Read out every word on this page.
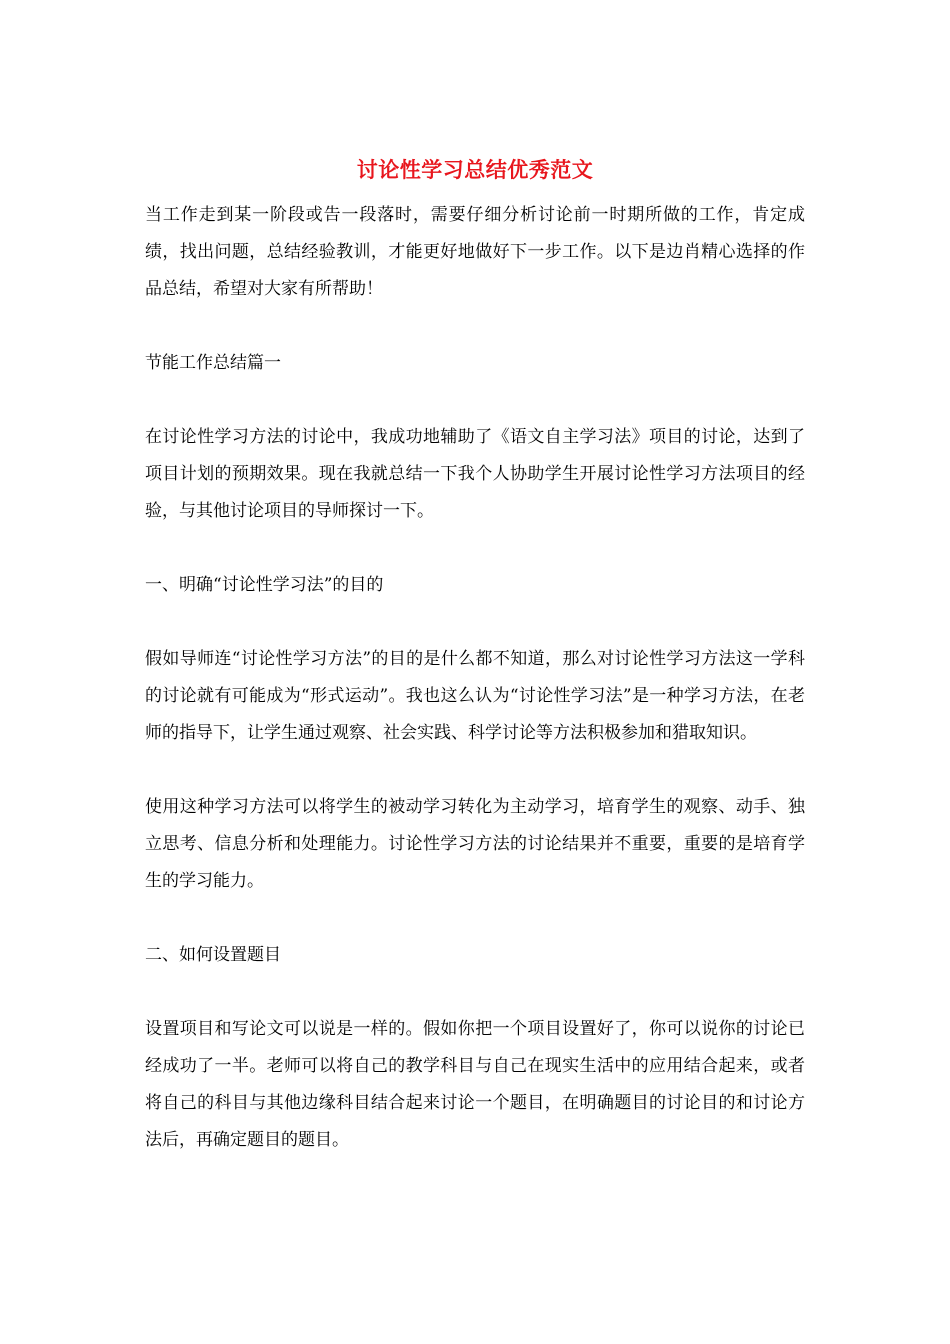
讨论性学习总结优秀范文

当工作走到某一阶段或告一段落时，需要仔细分析讨论前一时期所做的工作，肯定成绩，找出问题，总结经验教训，才能更好地做好下一步工作。以下是边肖精心选择的作品总结，希望对大家有所帮助！

节能工作总结篇一

在讨论性学习方法的讨论中，我成功地辅助了《语文自主学习法》项目的讨论，达到了项目计划的预期效果。现在我就总结一下我个人协助学生开展讨论性学习方法项目的经验，与其他讨论项目的导师探讨一下。

一、明确“讨论性学习法”的目的

假如导师连“讨论性学习方法”的目的是什么都不知道，那么对讨论性学习方法这一学科的讨论就有可能成为“形式运动”。我也这么认为“讨论性学习法”是一种学习方法，在老师的指导下，让学生通过观察、社会实践、科学讨论等方法积极参加和猎取知识。

使用这种学习方法可以将学生的被动学习转化为主动学习，培育学生的观察、动手、独立思考、信息分析和处理能力。讨论性学习方法的讨论结果并不重要，重要的是培育学生的学习能力。

二、如何设置题目

设置项目和写论文可以说是一样的。假如你把一个项目设置好了，你可以说你的讨论已经成功了一半。老师可以将自己的教学科目与自己在现实生活中的应用结合起来，或者将自己的科目与其他边缘科目结合起来讨论一个题目，在明确题目的讨论目的和讨论方法后，再确定题目的题目。
